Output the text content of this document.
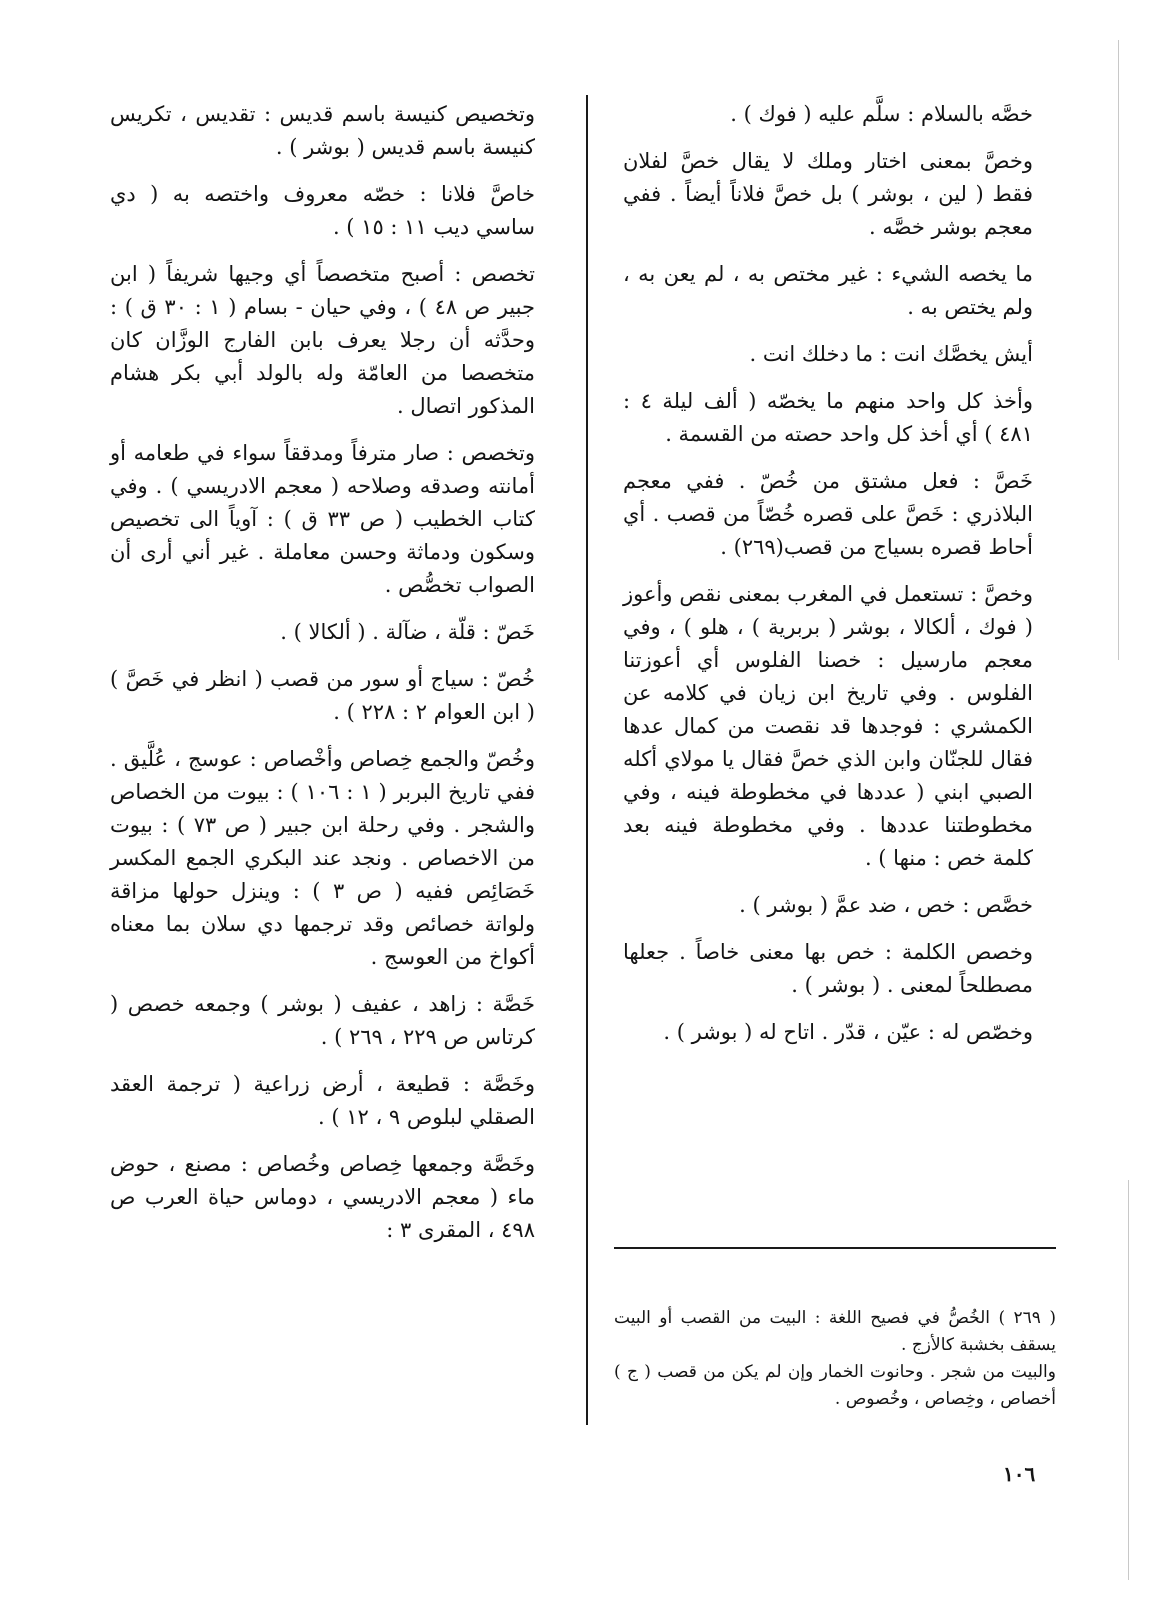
خصَّه بالسلام : سلَّم عليه ( فوك ) .

وخصَّ بمعنى اختار وملك لا يقال خصَّ لفلان فقط ( لين ، بوشر ) بل خصَّ فلاناً أيضاً . ففي معجم بوشر خصَّه .

ما يخصه الشيء : غير مختص به ، لم يعن به ، ولم يختص به .

أيش يخصَّك انت : ما دخلك انت .

وأخذ كل واحد منهم ما يخصّه ( ألف ليلة ٤ : ٤٨١ ) أي أخذ كل واحد حصته من القسمة .

خَصَّ : فعل مشتق من خُصّ . ففي معجم البلاذري : خَصَّ على قصره خُصّاً من قصب . أي أحاط قصره بسياج من قصب(٢٦٩) .

وخصَّ : تستعمل في المغرب بمعنى نقص وأعوز ( فوك ، ألكالا ، بوشر ( بربرية ) ، هلو ) ، وفي معجم مارسيل : خصنا الفلوس أي أعوزتنا الفلوس . وفي تاريخ ابن زيان في كلامه عن الكمشري : فوجدها قد نقصت من كمال عدها فقال للجنّان وابن الذي خصَّ فقال يا مولاي أكله الصبي ابني ( عددها في مخطوطة فينه ، وفي مخطوطتنا عددها . وفي مخطوطة فينه بعد كلمة خص : منها ) .

خصَّص : خص ، ضد عمَّ ( بوشر ) .

وخصص الكلمة : خص بها معنى خاصاً . جعلها مصطلحاً لمعنى . ( بوشر ) .

وخصّص له : عيّن ، قدّر . اتاح له ( بوشر ) .

وتخصيص كنيسة باسم قديس : تقديس ، تكريس كنيسة باسم قديس ( بوشر ) .

خاصَّ فلانا : خصّه معروف واختصه به ( دي ساسي ديب ١١ : ١٥ ) .

تخصص : أصبح متخصصاً أي وجيها شريفاً ( ابن جبير ص ٤٨ ) ، وفي حيان - بسام ( ١ : ٣٠ ق ) : وحدَّثه أن رجلا يعرف بابن الفارج الوزَّان كان متخصصا من العامّة وله بالولد أبي بكر هشام المذكور اتصال .

وتخصص : صار مترفاً ومدققاً سواء في طعامه أو أمانته وصدقه وصلاحه ( معجم الادريسي ) . وفي كتاب الخطيب ( ص ٣٣ ق ) : آوياً الى تخصيص وسكون ودماثة وحسن معاملة . غير أني أرى أن الصواب تخصُّص .

خَصّ : قلّة ، ضآلة . ( ألكالا ) .

خُصّ : سياج أو سور من قصب ( انظر في خَصَّ ) ( ابن العوام ٢ : ٢٢٨ ) .

وخُصّ والجمع خِصاص وأخْصاص : عوسج ، عُلَّيق . ففي تاريخ البربر ( ١ : ١٠٦ ) : بيوت من الخصاص والشجر . وفي رحلة ابن جبير ( ص ٧٣ ) : بيوت من الاخصاص . ونجد عند البكري الجمع المكسر خَصَائِص ففيه ( ص ٣ ) : وينزل حولها مزاقة ولواتة خصائص وقد ترجمها دي سلان بما معناه أكواخ من العوسج .

خَصَّة : زاهد ، عفيف ( بوشر ) وجمعه خصص ( كرتاس ص ٢٢٩ ، ٢٦٩ ) .

وخَصَّة : قطيعة ، أرض زراعية ( ترجمة العقد الصقلي لبلوص ٩ ، ١٢ ) .

وخَصَّة وجمعها خِصاص وخُصاص : مصنع ، حوض ماء ( معجم الادريسي ، دوماس حياة العرب ص ٤٩٨ ، المقرى ٣ :

( ٢٦٩ ) الخُصُّ في فصيح اللغة : البيت من القصب أو البيت يسقف بخشبة كالأزج .

والبيت من شجر . وحانوت الخمار وإن لم يكن من قصب ( ج ) أخصاص ، وخِصاص ، وخُصوص .

١٠٦
